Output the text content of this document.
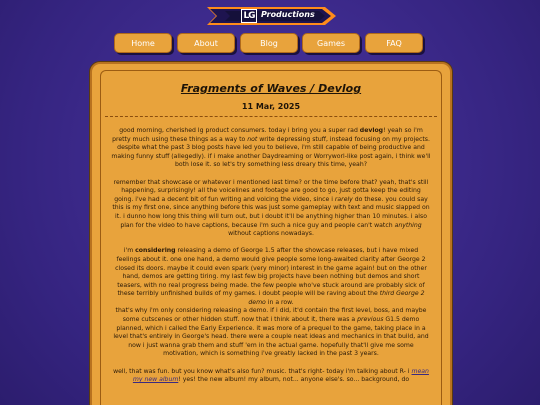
LG Productions
Home	About	Blog	Games	FAQ
Fragments of Waves / Devlog
11 Mar, 2025

good morning, cherished lg product consumers. today i bring you a super rad devlog! yeah so i'm pretty much using these things as a way to not write depressing stuff, instead focusing on my projects. despite what the past 3 blog posts have led you to believe, i'm still capable of being productive and making funny stuff (allegedly). if i make another Daydreaming or Worryworl-like post again, i think we'll both lose it. so let's try something less dreary this time, yeah?

remember that showcase or whatever i mentioned last time? or the time before that? yeah, that's still happening, surprisingly! all the voicelines and footage are good to go, just gotta keep the editing going. i've had a decent bit of fun writing and voicing the video, since i rarely do these. you could say this is my first one, since anything before this was just some gameplay with text and music slapped on it. i dunno how long this thing will turn out, but i doubt it'll be anything higher than 10 minutes. i also plan for the video to have captions, because i'm such a nice guy and people can't watch anything without captions nowadays.

i'm considering releasing a demo of George 1.5 after the showcase releases, but i have mixed feelings about it. one one hand, a demo would give people some long-awaited clarity after George 2 closed its doors. maybe it could even spark (very minor) interest in the game again! but on the other hand, demos are getting tiring. my last few big projects have been nothing but demos and short teasers, with no real progress being made. the few people who've stuck around are probably sick of these terribly unfinished builds of my games. i doubt people will be raving about the third George 2 demo in a row.
that's why i'm only considering releasing a demo. if i did, it'd contain the first level, boss, and maybe some cutscenes or other hidden stuff. now that i think about it, there was a previous G1.5 demo planned, which i called the Early Experience. it was more of a prequel to the game, taking place in a level that's entirely in George's head. there were a couple neat ideas and mechanics in that build, and now i just wanna grab them and stuff 'em in the actual game. hopefully that'll give me some motivation, which is something i've greatly lacked in the past 3 years.

well, that was fun. but you know what's also fun? music. that's right- today i'm talking about R- i mean my new album! yes! the new album! my album, not... anyone else's. so... background, do
